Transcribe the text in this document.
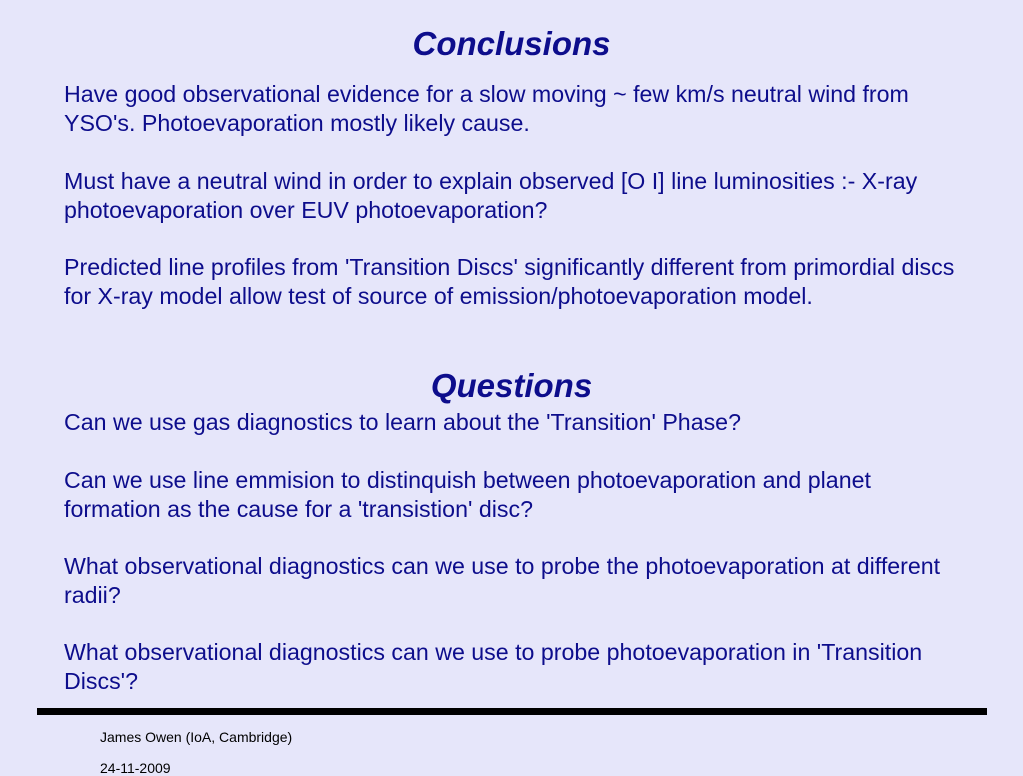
Conclusions

Have good observational evidence for a slow moving ~ few km/s neutral wind from YSO's. Photoevaporation mostly likely cause.

Must have a neutral wind in order to explain observed [O I] line luminosities :- X-ray photoevaporation over EUV photoevaporation?

Predicted line profiles from 'Transition Discs' significantly different from primordial discs for X-ray model allow test of source of emission/photoevaporation model.

Questions

Can we use gas diagnostics to learn about the 'Transition' Phase?

Can we use line emmision to distinquish between photoevaporation and planet formation as the cause for a 'transistion' disc?

What observational diagnostics can we use to probe the photoevaporation at different radii?

What observational diagnostics can we use to probe photoevaporation in 'Transition Discs'?

James Owen (IoA, Cambridge)
24-11-2009
